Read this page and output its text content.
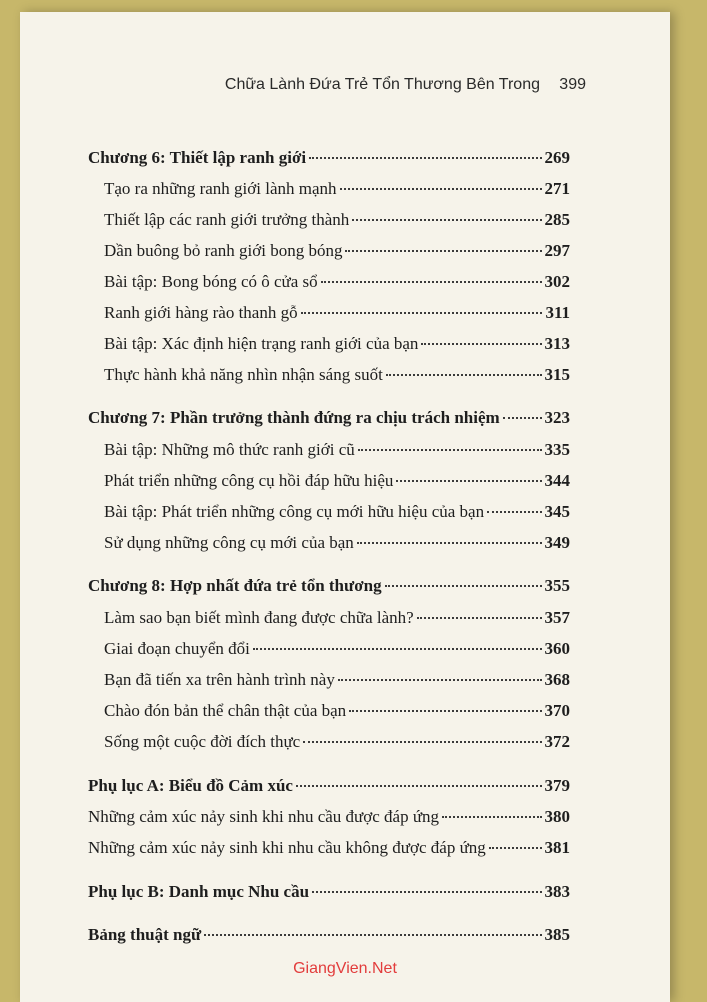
Chữa Lành Đứa Trẻ Tổn Thương Bên Trong 399
Chương 6: Thiết lập ranh giới	269
Tạo ra những ranh giới lành mạnh	271
Thiết lập các ranh giới trưởng thành	285
Dần buông bỏ ranh giới bong bóng	297
Bài tập: Bong bóng có ô cửa sổ	302
Ranh giới hàng rào thanh gỗ	311
Bài tập: Xác định hiện trạng ranh giới của bạn	313
Thực hành khả năng nhìn nhận sáng suốt	315
Chương 7: Phần trưởng thành đứng ra chịu trách nhiệm	323
Bài tập: Những mô thức ranh giới cũ	335
Phát triển những công cụ hồi đáp hữu hiệu	344
Bài tập: Phát triển những công cụ mới hữu hiệu của bạn	345
Sử dụng những công cụ mới của bạn	349
Chương 8: Hợp nhất đứa trẻ tổn thương	355
Làm sao bạn biết mình đang được chữa lành?	357
Giai đoạn chuyển đổi	360
Bạn đã tiến xa trên hành trình này	368
Chào đón bản thể chân thật của bạn	370
Sống một cuộc đời đích thực	372
Phụ lục A: Biểu đồ Cảm xúc	379
Những cảm xúc nảy sinh khi nhu cầu được đáp ứng	380
Những cảm xúc nảy sinh khi nhu cầu không được đáp ứng	381
Phụ lục B: Danh mục Nhu cầu	383
Bảng thuật ngữ	385
GiangVien.Net
